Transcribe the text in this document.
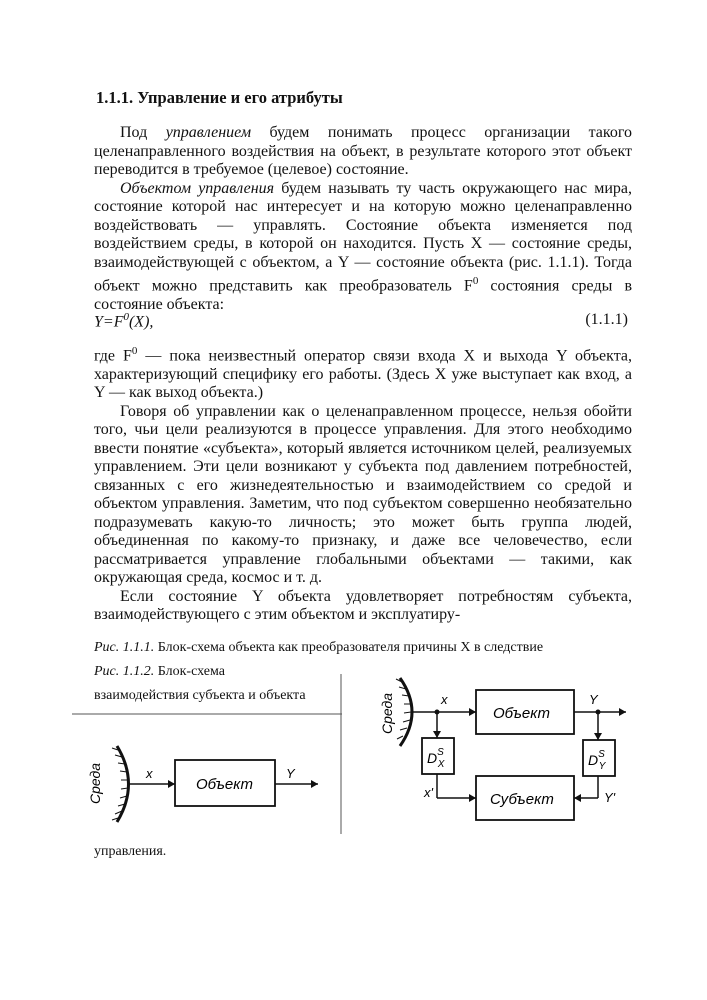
1.1.1. Управление и его атрибуты

Под управлением будем понимать процесс организации такого целенаправленного воздействия на объект, в результате которого этот объект переводится в требуемое (целевое) состояние.

Объектом управления будем называть ту часть окружающего нас мира, состояние которой нас интересует и на которую можно целенаправленно воздействовать — управлять. Состояние объекта изменяется под воздействием среды, в которой он находится. Пусть X — состояние среды, взаимодействующей с объектом, а Y — состояние объекта (рис. 1.1.1). Тогда объект можно представить как преобразователь $F^0$ состояния среды в состояние объекта:

$Y=F^0(X)$,	(1.1.1)

где $F^0$ — пока неизвестный оператор связи входа X и выхода Y объекта, характеризующий специфику его работы. (Здесь X уже выступает как вход, а Y — как выход объекта.)

Говоря об управлении как о целенаправленном процессе, нельзя обойти того, чьи цели реализуются в процессе управления. Для этого необходимо ввести понятие «субъекта», который является источником целей, реализуемых управлением. Эти цели возникают у субъекта под давлением потребностей, связанных с его жизнедеятельностью и взаимодействием со средой и объектом управления. Заметим, что под субъектом совершенно необязательно подразумевать какую-то личность; это может быть группа людей, объединенная по какому-то признаку, и даже все человечество, если рассматривается управление глобальными объектами — такими, как окружающая среда, космос и т. д.

Если состояние Y объекта удовлетворяет потребностям субъекта, взаимодействующего с этим объектом и эксплуатиру-

Рис. 1.1.1. Блок-схема объекта как преобразователя причины X в следствие
Рис. 1.1.2. Блок-схема
взаимодействия субъекта и объекта
Среда	x
Объект
Y
Среда	x
Объект
Y
$D^S$ X
x'	Субъект
$D^S$ Y
Y'
управления.
